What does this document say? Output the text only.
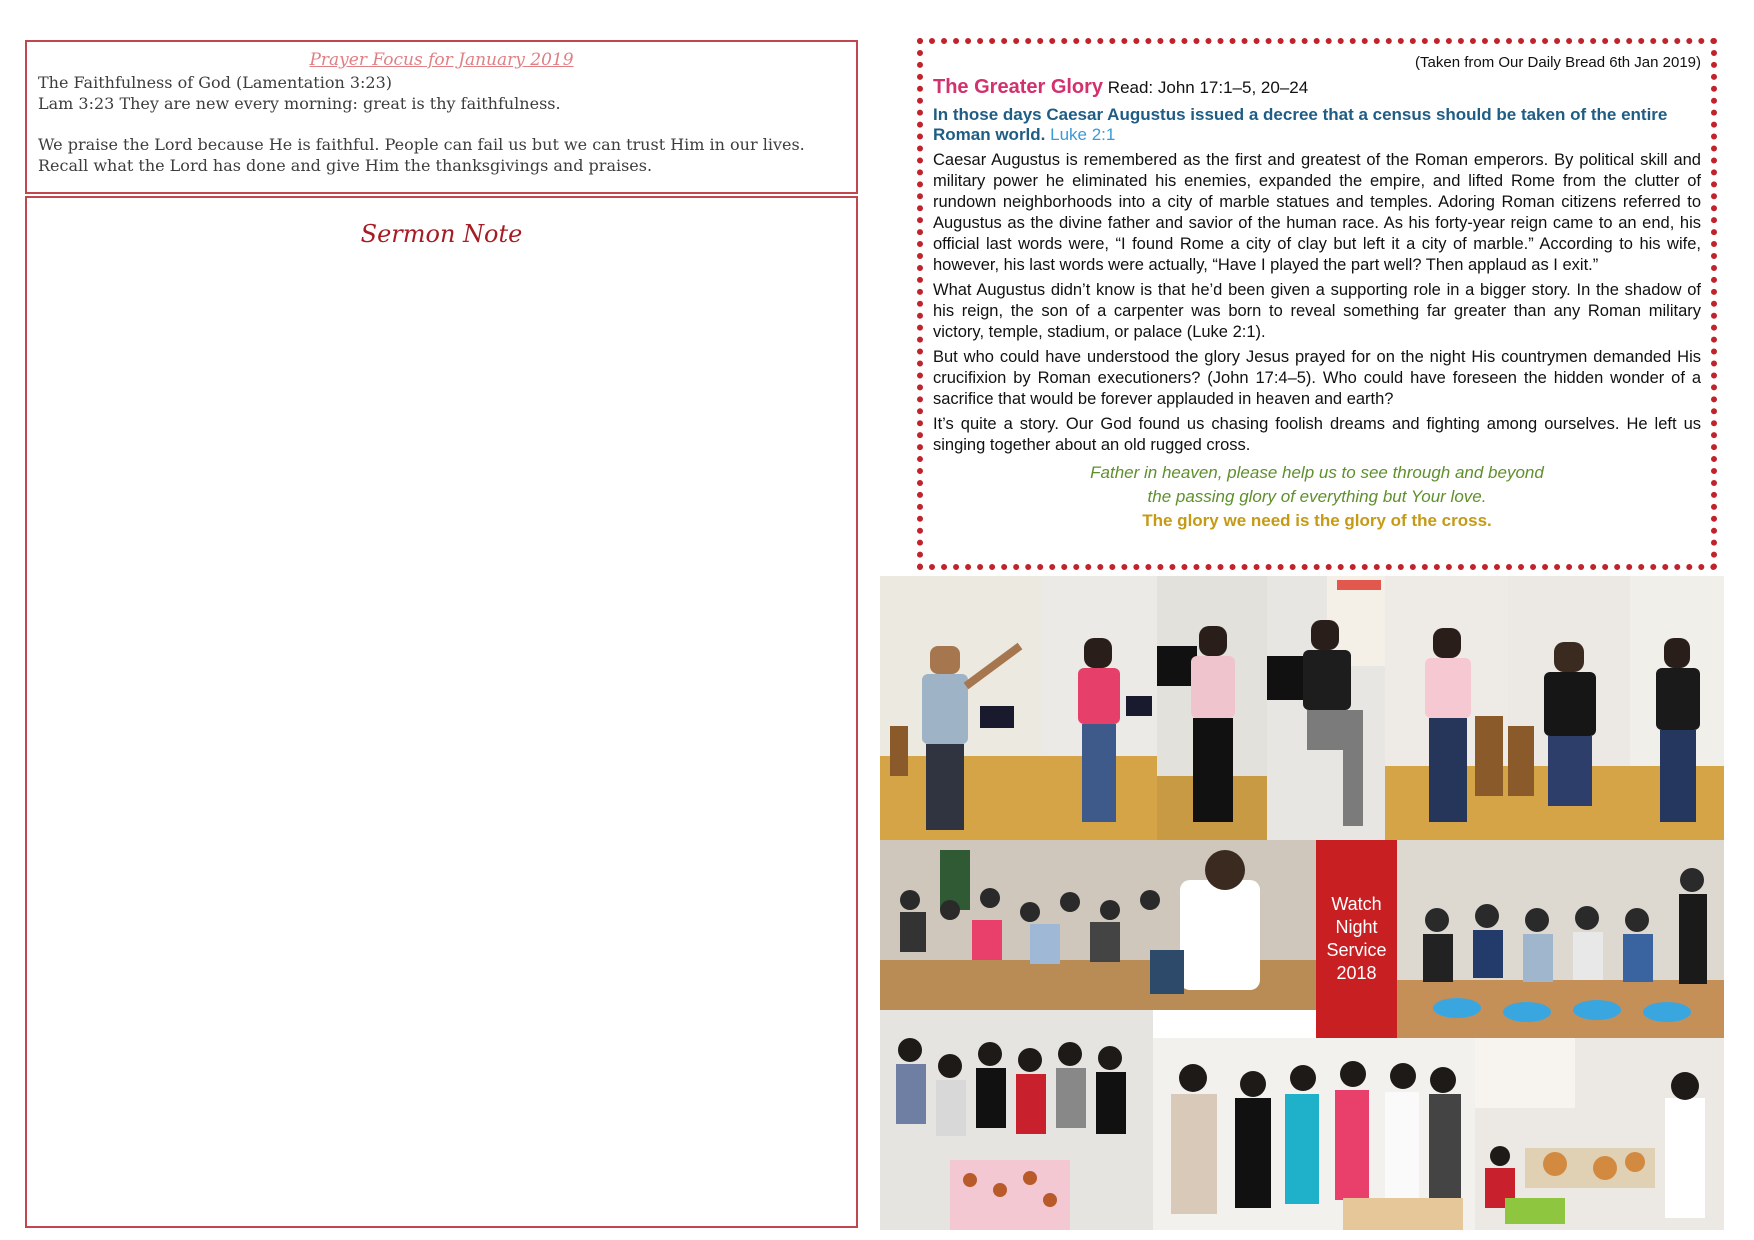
Prayer Focus for January 2019

The Faithfulness of God (Lamentation 3:23)

Lam 3:23 They are new every morning: great is thy faithfulness.

We praise the Lord because He is faithful. People can fail us but we can trust Him in our lives.

Recall what the Lord has done and give Him the thanksgivings and praises.

Sermon Note
(Taken from Our Daily Bread 6th Jan 2019)
The Greater Glory Read: John 17:1–5, 20–24
In those days Caesar Augustus issued a decree that a census should be taken of the entire Roman world. Luke 2:1

Caesar Augustus is remembered as the first and greatest of the Roman emperors. By political skill and military power he eliminated his enemies, expanded the empire, and lifted Rome from the clutter of rundown neighborhoods into a city of marble statues and temples. Adoring Roman citizens referred to Augustus as the divine father and savior of the human race. As his forty-year reign came to an end, his official last words were, “I found Rome a city of clay but left it a city of marble.” According to his wife, however, his last words were actually, “Have I played the part well? Then applaud as I exit.”

What Augustus didn’t know is that he’d been given a supporting role in a bigger story. In the shadow of his reign, the son of a carpenter was born to reveal something far greater than any Roman military victory, temple, stadium, or palace (Luke 2:1).

But who could have understood the glory Jesus prayed for on the night His countrymen demanded His crucifixion by Roman executioners? (John 17:4–5). Who could have foreseen the hidden wonder of a sacrifice that would be forever applauded in heaven and earth?

It’s quite a story. Our God found us chasing foolish dreams and fighting among ourselves. He left us singing together about an old rugged cross.

Father in heaven, please help us to see through and beyond
the passing glory of everything but Your love.
The glory we need is the glory of the cross.
Watch
Night
Service
2018
